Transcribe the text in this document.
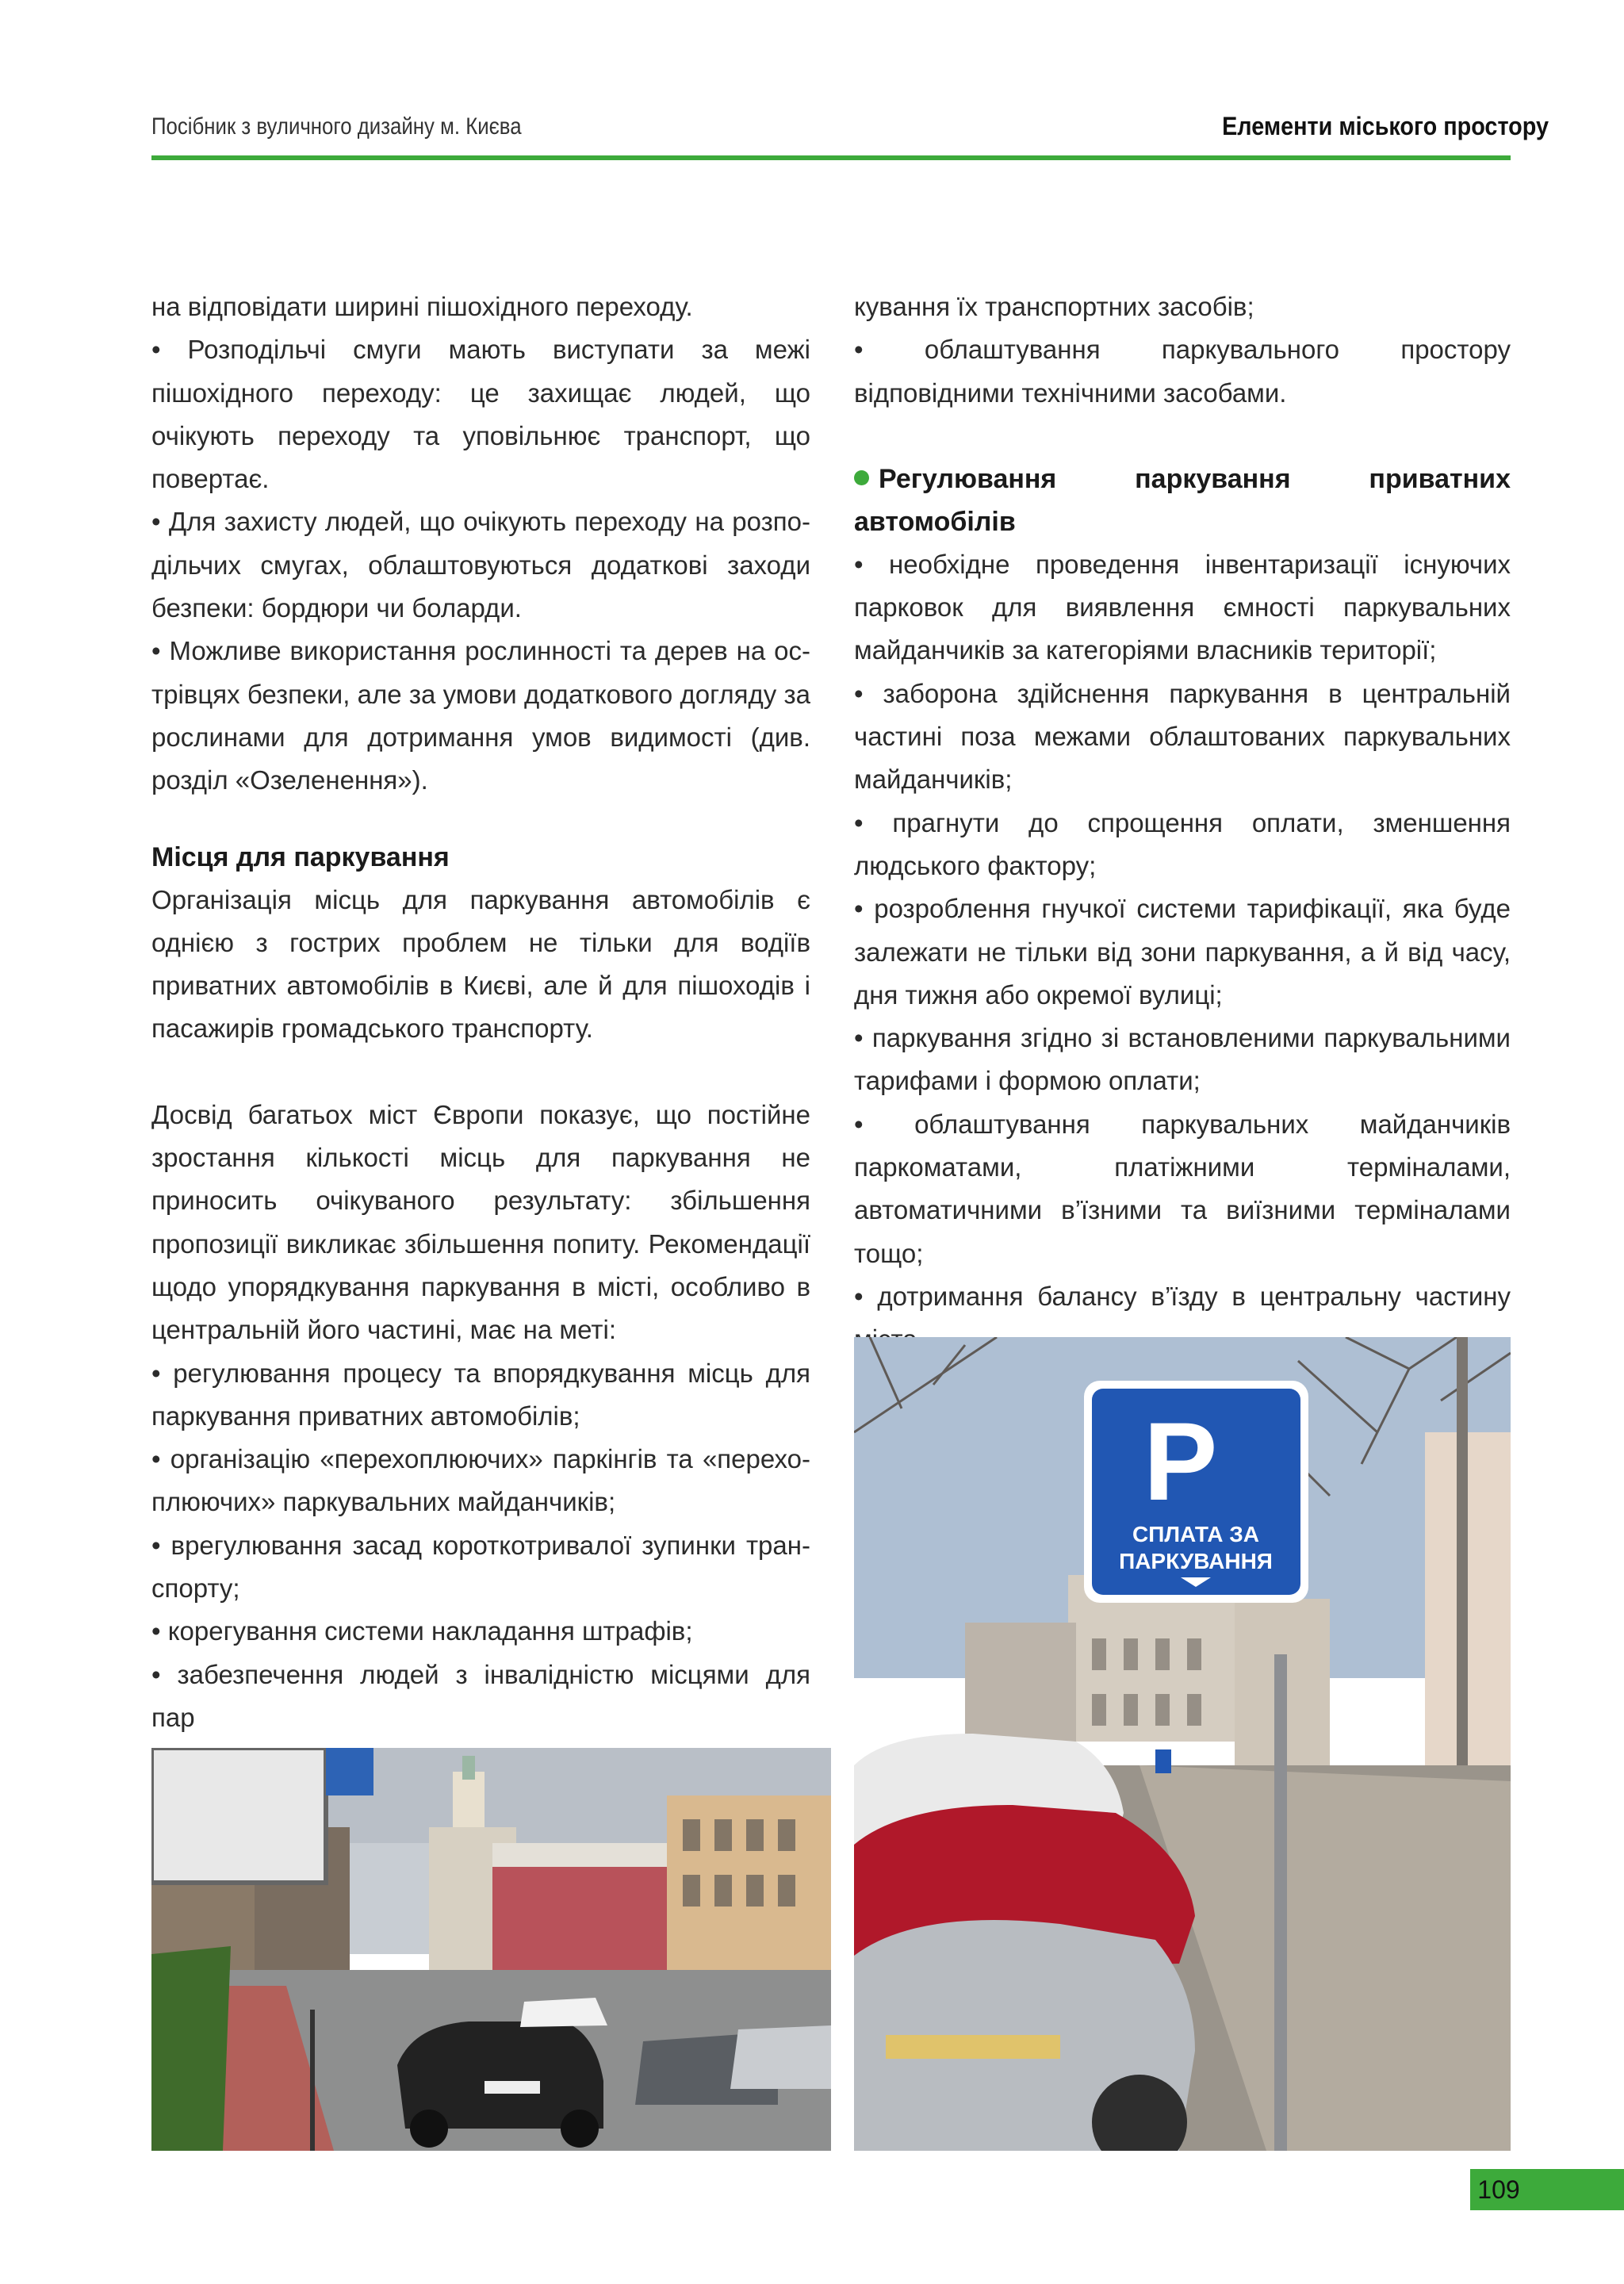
Посібник з вуличного дизайну м. Києва	Елементи міського простору

на відповідати ширині пішохідного переходу.

• Розподільчі смуги мають виступати за межі пішохідного переходу: це захищає людей, що очікують переходу та уповільнює транспорт, що повертає.

• Для захисту людей, що очікують переходу на розподільчих смугах, облаштовуються додаткові заходи безпеки: бордюри чи боларди.

• Можливе використання рослинності та дерев на острівцях безпеки, але за умови додаткового догляду за рослинами для дотримання умов видимості (див. розділ «Озеленення»).

Місця для паркування

Організація місць для паркування автомобілів є однією з гострих проблем не тільки для водіїв приватних автомобілів в Києві, але й для пішоходів і пасажирів громадського транспорту.

Досвід багатьох міст Європи показує, що постійне зростання кількості місць для паркування не приносить очікуваного результату: збільшення пропозиції викликає збільшення попиту. Рекомендації щодо упорядкування паркування в місті, особливо в центральній його частині, має на меті:

• регулювання процесу та впорядкування місць для паркування приватних автомобілів;

• організацію «перехоплюючих» паркінгів та «перехоплюючих» паркувальних майданчиків;

• врегулювання засад короткотривалої зупинки транспорту;

• корегування системи накладання штрафів;

• забезпечення людей з інвалідністю місцями для пар

кування їх транспортних засобів;

• облаштування паркувального простору відповідними технічними засобами.

Регулювання паркування приватних автомобілів

• необхідне проведення інвентаризації існуючих парковок для виявлення ємності паркувальних майданчиків за категоріями власників території;

• заборона здійснення паркування в центральній частині поза межами облаштованих паркувальних майданчиків;

• прагнути до спрощення оплати, зменшення людського фактору;

• розроблення гнучкої системи тарифікації, яка буде залежати не тільки від зони паркування, а й від часу, дня тижня або окремої вулиці;

• паркування згідно зі встановленими паркувальними тарифами і формою оплати;

• облаштування паркувальних майданчиків паркоматами, платіжними терміналами, автоматичними в’їзними та виїзними терміналами тощо;

• дотримання балансу в’їзду в центральну частину

P
СПЛАТА ЗА
ПАРКУВАННЯ
109
